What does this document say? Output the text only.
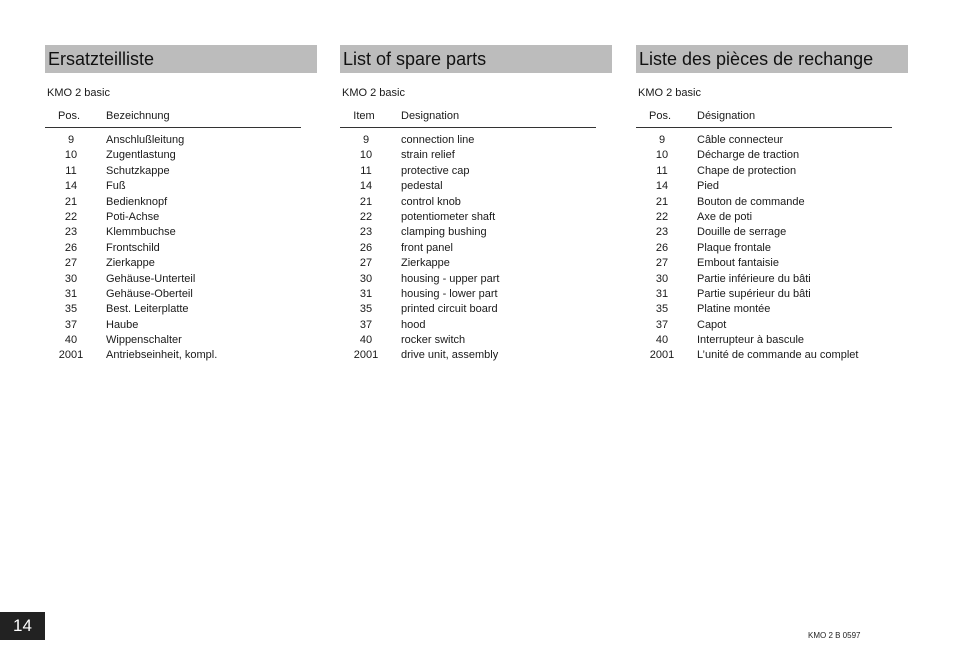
Ersatzteilliste
KMO 2 basic
Pos.	Bezeichnung
9	Anschlußleitung
10	Zugentlastung
11	Schutzkappe
14	Fuß
21	Bedienknopf
22	Poti-Achse
23	Klemmbuchse
26	Frontschild
27	Zierkappe
30	Gehäuse-Unterteil
31	Gehäuse-Oberteil
35	Best. Leiterplatte
37	Haube
40	Wippenschalter
2001	Antriebseinheit, kompl.
List of spare parts
KMO 2 basic
Item	Designation
9	connection line
10	strain relief
11	protective cap
14	pedestal
21	control knob
22	potentiometer shaft
23	clamping bushing
26	front panel
27	Zierkappe
30	housing - upper part
31	housing - lower part
35	printed circuit board
37	hood
40	rocker switch
2001	drive unit, assembly
Liste des pièces de rechange
KMO 2 basic
Pos.	Désignation
9	Câble connecteur
10	Décharge de traction
11	Chape de protection
14	Pied
21	Bouton de commande
22	Axe de poti
23	Douille de serrage
26	Plaque frontale
27	Embout fantaisie
30	Partie inférieure du bâti
31	Partie supérieur du bâti
35	Platine montée
37	Capot
40	Interrupteur à bascule
2001	L’unité de commande au complet
14
KMO 2 B 0597
